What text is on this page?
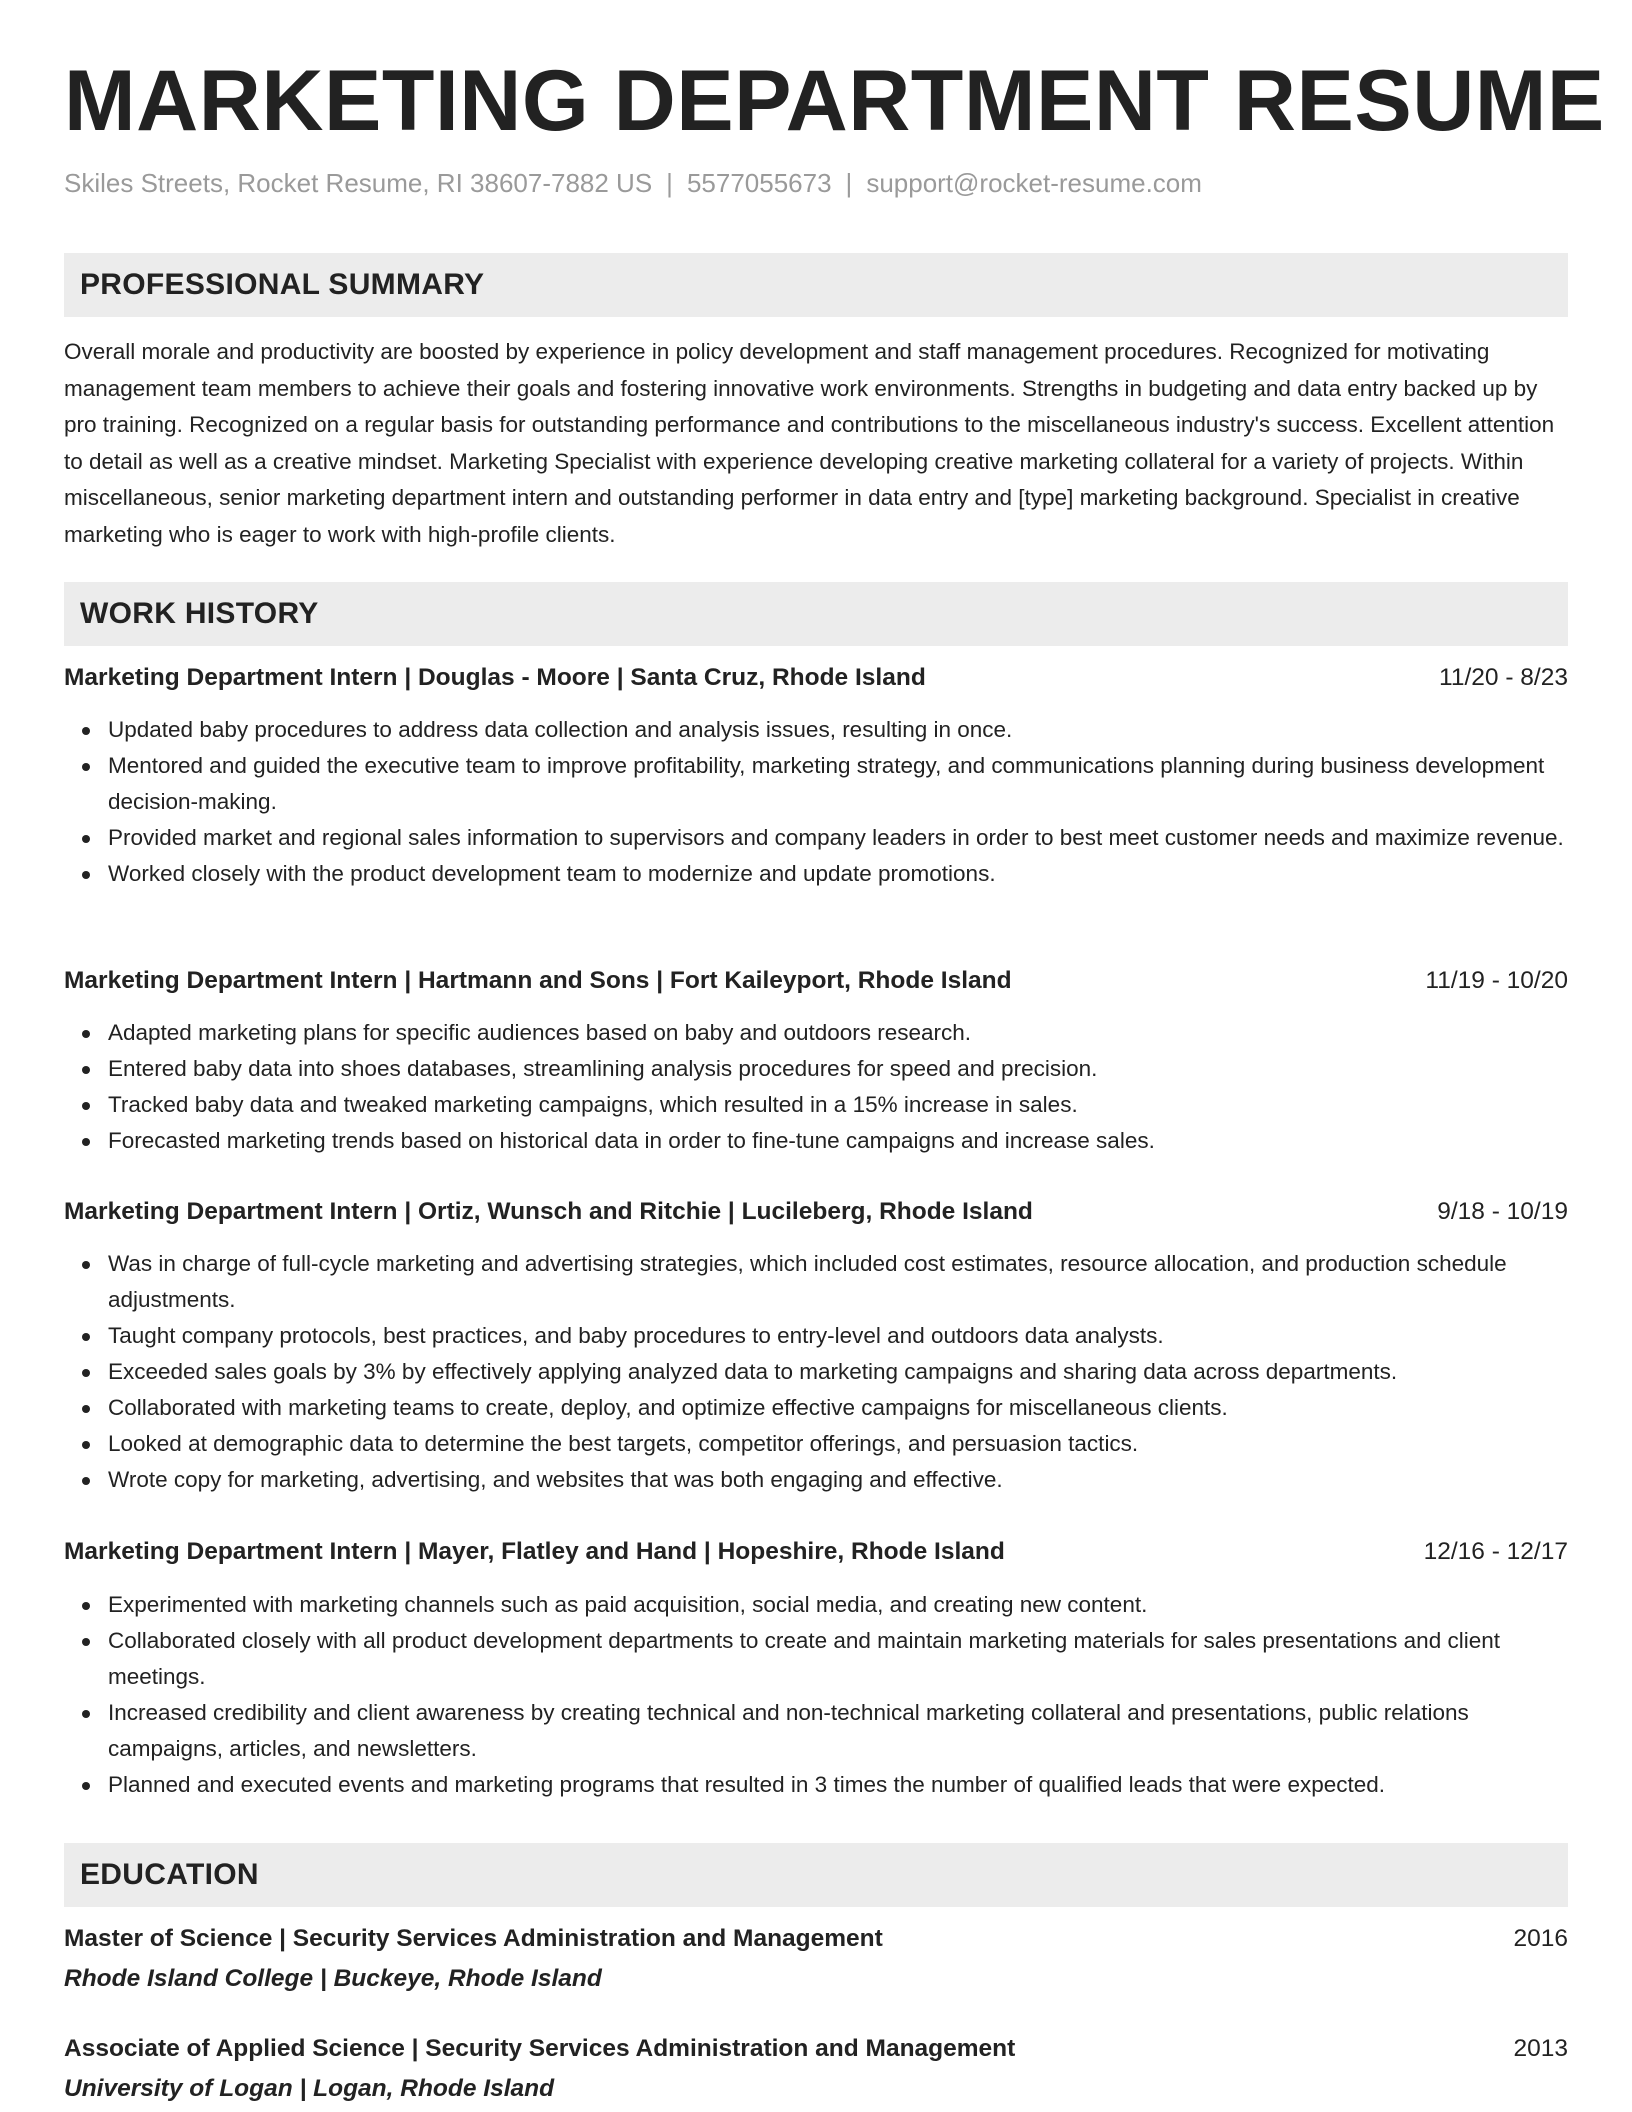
MARKETING DEPARTMENT RESUME
Skiles Streets, Rocket Resume, RI 38607-7882 US | 5577055673 | support@rocket-resume.com
PROFESSIONAL SUMMARY

Overall morale and productivity are boosted by experience in policy development and staff management procedures. Recognized for motivating management team members to achieve their goals and fostering innovative work environments. Strengths in budgeting and data entry backed up by pro training. Recognized on a regular basis for outstanding performance and contributions to the miscellaneous industry's success. Excellent attention to detail as well as a creative mindset. Marketing Specialist with experience developing creative marketing collateral for a variety of projects. Within miscellaneous, senior marketing department intern and outstanding performer in data entry and [type] marketing background. Specialist in creative marketing who is eager to work with high-profile clients.

WORK HISTORY
Marketing Department Intern | Douglas - Moore | Santa Cruz, Rhode Island	11/20 - 8/23
Updated baby procedures to address data collection and analysis issues, resulting in once.
Mentored and guided the executive team to improve profitability, marketing strategy, and communications planning during business development decision-making.
Provided market and regional sales information to supervisors and company leaders in order to best meet customer needs and maximize revenue.
Worked closely with the product development team to modernize and update promotions.
Marketing Department Intern | Hartmann and Sons | Fort Kaileyport, Rhode Island	11/19 - 10/20
Adapted marketing plans for specific audiences based on baby and outdoors research.
Entered baby data into shoes databases, streamlining analysis procedures for speed and precision.
Tracked baby data and tweaked marketing campaigns, which resulted in a 15% increase in sales.
Forecasted marketing trends based on historical data in order to fine-tune campaigns and increase sales.
Marketing Department Intern | Ortiz, Wunsch and Ritchie | Lucileberg, Rhode Island	9/18 - 10/19
Was in charge of full-cycle marketing and advertising strategies, which included cost estimates, resource allocation, and production schedule adjustments.
Taught company protocols, best practices, and baby procedures to entry-level and outdoors data analysts.
Exceeded sales goals by 3% by effectively applying analyzed data to marketing campaigns and sharing data across departments.
Collaborated with marketing teams to create, deploy, and optimize effective campaigns for miscellaneous clients.
Looked at demographic data to determine the best targets, competitor offerings, and persuasion tactics.
Wrote copy for marketing, advertising, and websites that was both engaging and effective.
Marketing Department Intern | Mayer, Flatley and Hand | Hopeshire, Rhode Island	12/16 - 12/17
Experimented with marketing channels such as paid acquisition, social media, and creating new content.
Collaborated closely with all product development departments to create and maintain marketing materials for sales presentations and client meetings.
Increased credibility and client awareness by creating technical and non-technical marketing collateral and presentations, public relations campaigns, articles, and newsletters.
Planned and executed events and marketing programs that resulted in 3 times the number of qualified leads that were expected.
EDUCATION
Master of Science | Security Services Administration and Management	2016
Rhode Island College | Buckeye, Rhode Island
Associate of Applied Science | Security Services Administration and Management	2013
University of Logan | Logan, Rhode Island
